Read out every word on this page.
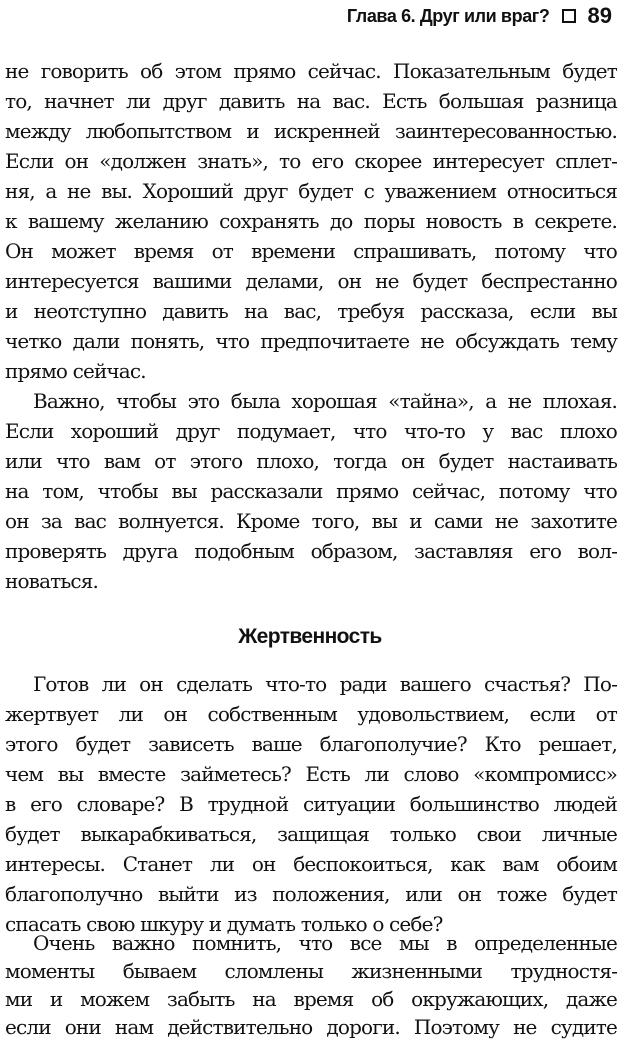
Глава 6. Друг или враг? 89
не говорить об этом прямо сейчас. Показательным будет
то, начнет ли друг давить на вас. Есть большая разница
между любопытством и искренней заинтересованностью.
Если он «должен знать», то его скорее интересует сплет-
ня, а не вы. Хороший друг будет с уважением относиться
к вашему желанию сохранять до поры новость в секрете.
Он может время от времени спрашивать, потому что
интересуется вашими делами, он не будет беспрестанно
и неотступно давить на вас, требуя рассказа, если вы
четко дали понять, что предпочитаете не обсуждать тему
прямо сейчас.
Важно, чтобы это была хорошая «тайна», а не плохая.
Если хороший друг подумает, что что-то у вас плохо
или что вам от этого плохо, тогда он будет настаивать
на том, чтобы вы рассказали прямо сейчас, потому что
он за вас волнуется. Кроме того, вы и сами не захотите
проверять друга подобным образом, заставляя его вол-
новаться.
Жертвенность
Готов ли он сделать что-то ради вашего счастья? По-
жертвует ли он собственным удовольствием, если от
этого будет зависеть ваше благополучие? Кто решает,
чем вы вместе займетесь? Есть ли слово «компромисс»
в его словаре? В трудной ситуации большинство людей
будет выкарабкиваться, защищая только свои личные
интересы. Станет ли он беспокоиться, как вам обоим
благополучно выйти из положения, или он тоже будет
спасать свою шкуру и думать только о себе?
Очень важно помнить, что все мы в определенные
моменты бываем сломлены жизненными трудностя-
ми и можем забыть на время об окружающих, даже
если они нам действительно дороги. Поэтому не судите
